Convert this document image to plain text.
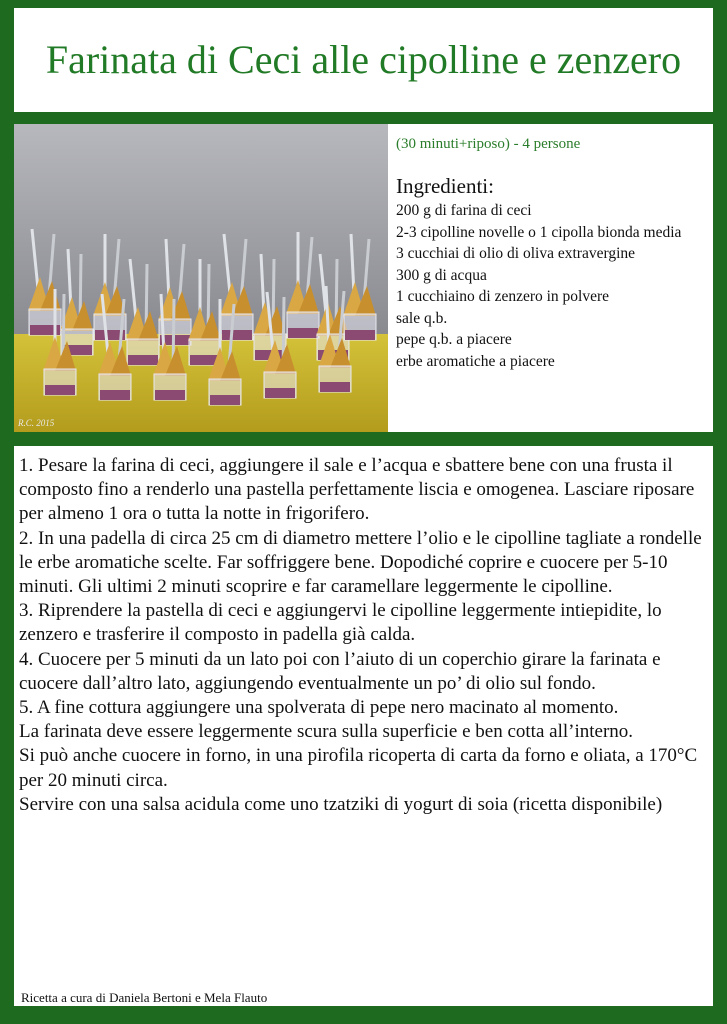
Farinata di Ceci alle cipolline e zenzero
R.C. 2015
(30 minuti+riposo) - 4 persone
Ingredienti:
200 g di farina di ceci
2-3 cipolline novelle o 1 cipolla bionda media
3 cucchiai di olio di oliva extravergine
300 g di acqua
1 cucchiaino di zenzero in polvere
sale q.b.
pepe q.b. a piacere
erbe aromatiche a piacere

1. Pesare la farina di ceci, aggiungere il sale e l’acqua e sbattere bene con una frusta il composto fino a renderlo una pastella perfettamente liscia e omogenea. Lasciare riposare per almeno 1 ora o tutta la notte in frigorifero.

2. In una padella di circa 25 cm di diametro mettere l’olio e le cipolline tagliate a rondelle le erbe aromatiche scelte. Far soffriggere bene. Dopodiché coprire e cuocere per 5-10 minuti. Gli ultimi 2 minuti scoprire e far caramellare leggermente le cipolline.

3. Riprendere la pastella di ceci e aggiungervi le cipolline leggermente intiepidite, lo zenzero e trasferire il composto in padella già calda.

4. Cuocere per 5 minuti da un lato poi con l’aiuto di un coperchio girare la farinata e cuocere dall’altro lato, aggiungendo eventualmente un po’ di olio sul fondo.

5. A fine cottura aggiungere una spolverata di pepe nero macinato al momento.

La farinata deve essere leggermente scura sulla superficie e ben cotta all’interno.

Si può anche cuocere in forno, in una pirofila ricoperta di carta da forno e oliata, a 170°C per 20 minuti circa.

Servire con una salsa acidula come uno tzatziki di yogurt di soia (ricetta disponibile)

Ricetta a cura di Daniela Bertoni e Mela Flauto
